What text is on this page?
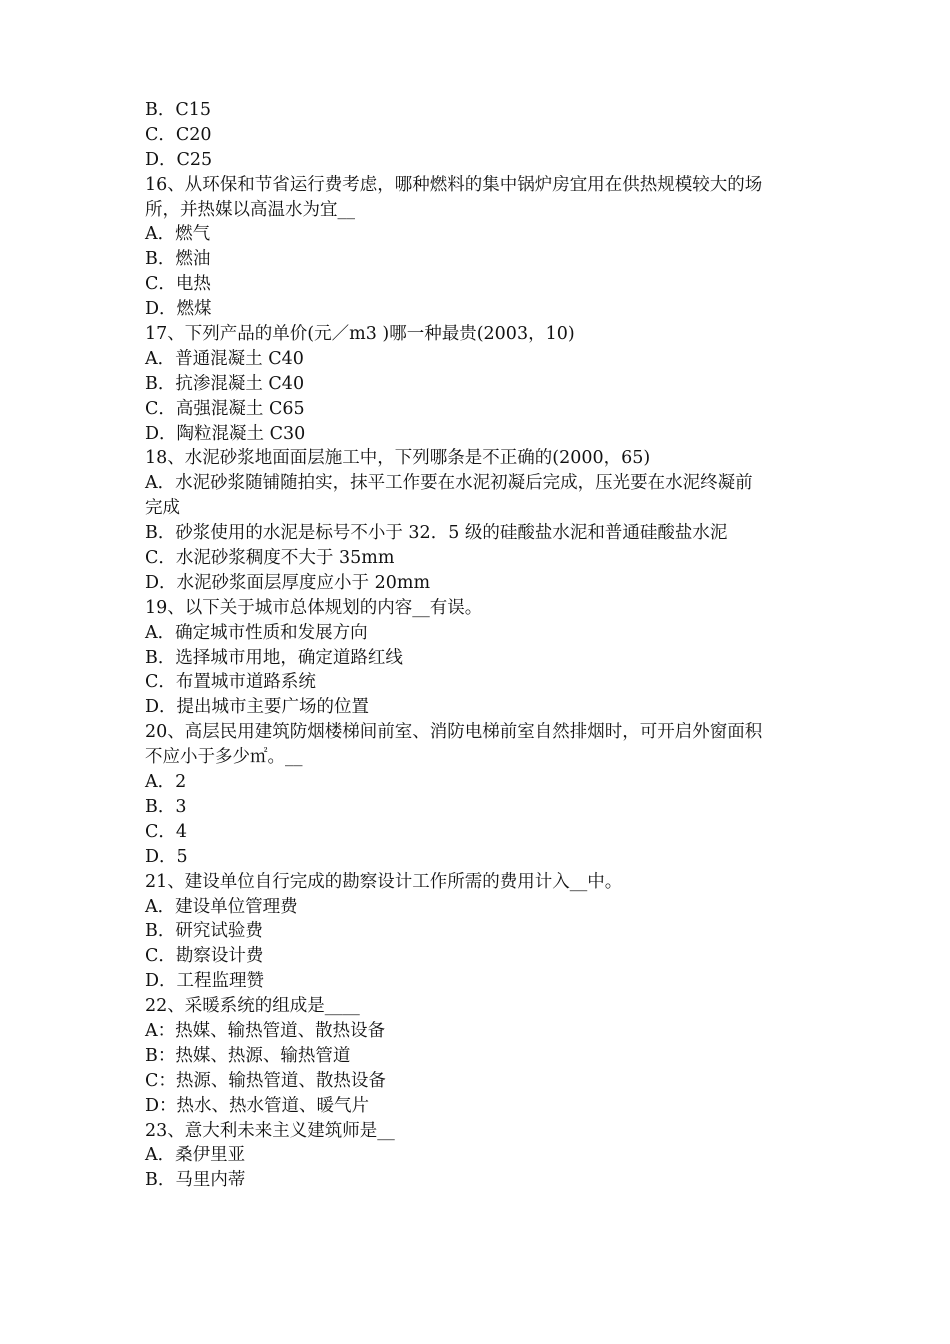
B．C15
C．C20
D．C25
16、从环保和节省运行费考虑，哪种燃料的集中锅炉房宜用在供热规模较大的场
所，并热媒以高温水为宜__
A．燃气
B．燃油
C．电热
D．燃煤
17、下列产品的单价(元／m3 )哪一种最贵(2003，10)
A．普通混凝土 C40
B．抗渗混凝土 C40
C．高强混凝土 C65
D．陶粒混凝土 C30
18、水泥砂浆地面面层施工中，下列哪条是不正确的(2000，65)
A．水泥砂浆随铺随拍实，抹平工作要在水泥初凝后完成，压光要在水泥终凝前
完成
B．砂浆使用的水泥是标号不小于 32．5 级的硅酸盐水泥和普通硅酸盐水泥
C．水泥砂浆稠度不大于 35mm
D．水泥砂浆面层厚度应小于 20mm
19、以下关于城市总体规划的内容__有误。
A．确定城市性质和发展方向
B．选择城市用地，确定道路红线
C．布置城市道路系统
D．提出城市主要广场的位置
20、高层民用建筑防烟楼梯间前室、消防电梯前室自然排烟时，可开启外窗面积
不应小于多少㎡。__
A．2
B．3
C．4
D．5
21、建设单位自行完成的勘察设计工作所需的费用计入__中。
A．建设单位管理费
B．研究试验费
C．勘察设计费
D．工程监理赞
22、采暖系统的组成是____
A：热媒、输热管道、散热设备
B：热媒、热源、输热管道
C：热源、输热管道、散热设备
D：热水、热水管道、暖气片
23、意大利未来主义建筑师是__
A．桑伊里亚
B．马里内蒂
